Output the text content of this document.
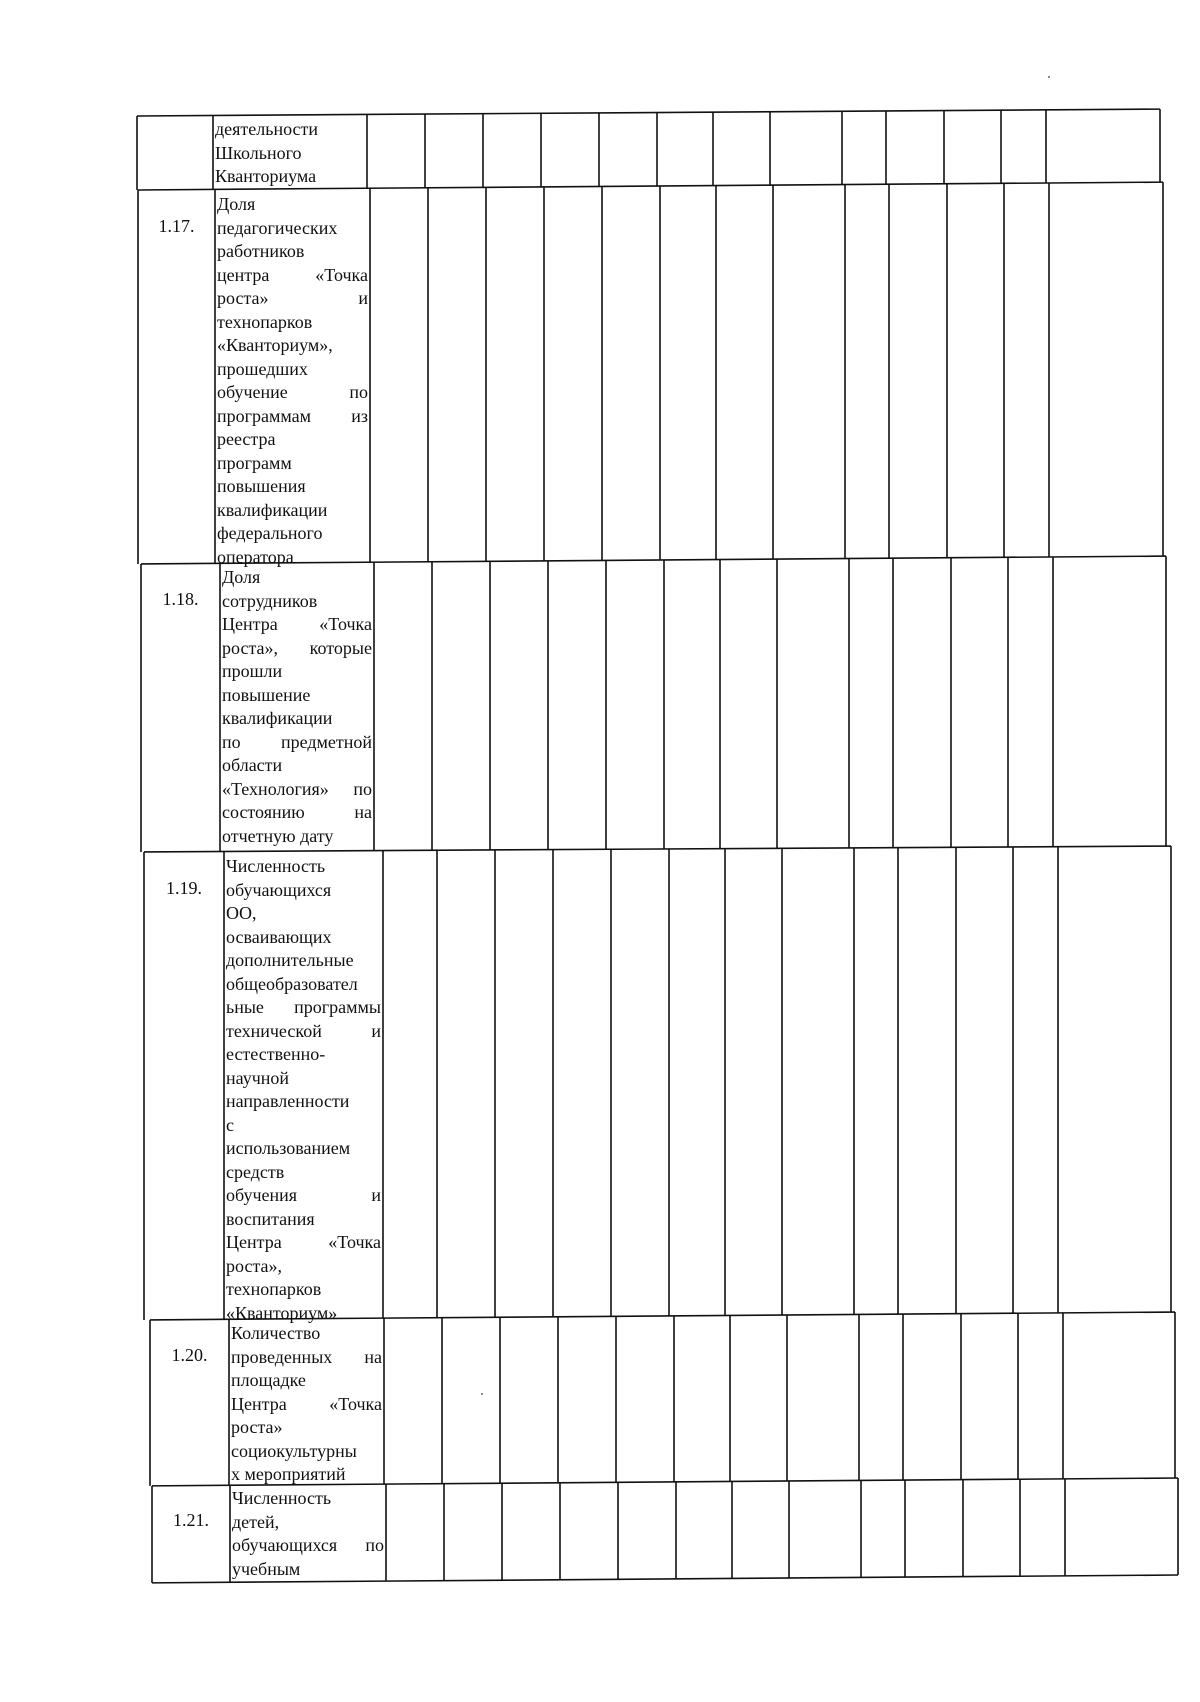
деятельности
Школьного
Кванториума
1.17.
Доля
педагогических
работников
центра «Точка
роста» и
технопарков
«Кванториум»,
прошедших
обучение по
программам из
реестра
программ
повышения
квалификации
федерального
оператора
1.18.
Доля
сотрудников
Центра «Точка
роста», которые
прошли
повышение
квалификации
по предметной
области
«Технология» по
состоянию на
отчетную дату
1.19.
Численность
обучающихся
ОО,
осваивающих
дополнительные
общеобразовател
ьные программы
технической и
естественно-
научной
направленности
с
использованием
средств
обучения и
воспитания
Центра «Точка
роста»,
технопарков
«Кванториум»
1.20.
Количество
проведенных на
площадке
Центра «Точка
роста»
социокультурны
х мероприятий
1.21.
Численность
детей,
обучающихся по
учебным
